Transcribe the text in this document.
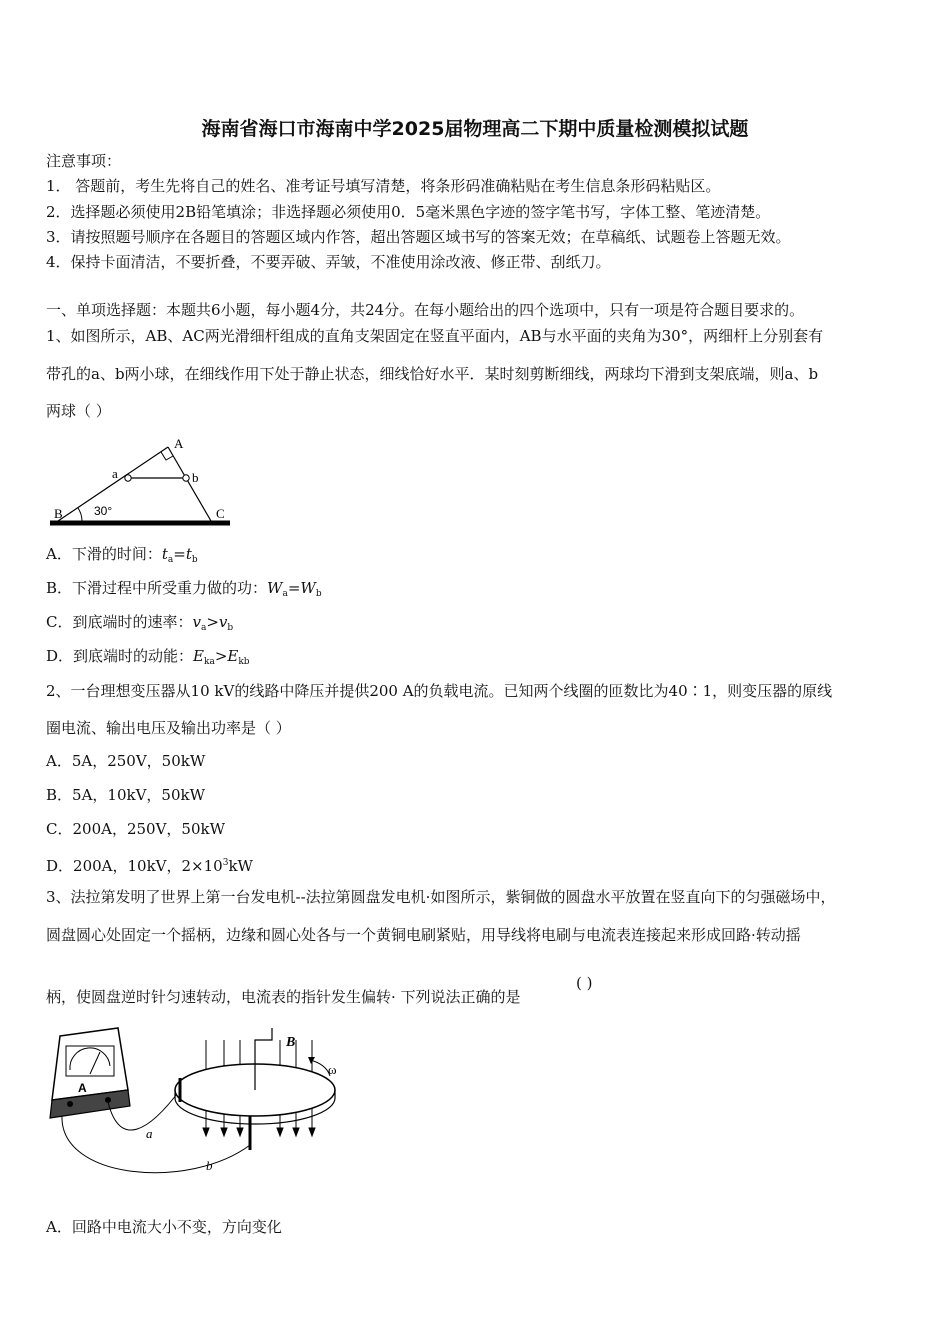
海南省海口市海南中学2025届物理高二下期中质量检测模拟试题
注意事项：
1． 答题前，考生先将自己的姓名、准考证号填写清楚，将条形码准确粘贴在考生信息条形码粘贴区。
2．选择题必须使用2B铅笔填涂；非选择题必须使用0．5毫米黑色字迹的签字笔书写，字体工整、笔迹清楚。
3．请按照题号顺序在各题目的答题区域内作答，超出答题区域书写的答案无效；在草稿纸、试题卷上答题无效。
4．保持卡面清洁，不要折叠，不要弄破、弄皱，不准使用涂改液、修正带、刮纸刀。
一、单项选择题：本题共6小题，每小题4分，共24分。在每小题给出的四个选项中，只有一项是符合题目要求的。
1、如图所示，AB、AC两光滑细杆组成的直角支架固定在竖直平面内，AB与水平面的夹角为30°，两细杆上分别套有
带孔的a、b两小球，在细线作用下处于静止状态，细线恰好水平．某时刻剪断细线，两球均下滑到支架底端，则a、b
两球（ ）
A
a	b
B	C
30°
A．下滑的时间：$t_a=t_b$
B．下滑过程中所受重力做的功：$W_a=W_b$
C．到底端时的速率：$v_a>v_b$
D．到底端时的动能：$E_{ka}>E_{kb}$
2、一台理想变压器从10 kV的线路中降压并提供200 A的负载电流。已知两个线圈的匝数比为40∶1，则变压器的原线
圈电流、输出电压及输出功率是（ ）
A．5A，250V，50kW
B．5A，10kV，50kW
C．200A，250V，50kW
D．200A，10kV，$2\times 10^3kW$
3、法拉第发明了世界上第一台发电机--法拉第圆盘发电机·如图所示，紫铜做的圆盘水平放置在竖直向下的匀强磁场中，
圆盘圆心处固定一个摇柄，边缘和圆心处各与一个黄铜电刷紧贴，用导线将电刷与电流表连接起来形成回路·转动摇
柄，使圆盘逆时针匀速转动，电流表的指针发生偏转· 下列说法正确的是
( )
A
a
b
B
ω
A．回路中电流大小不变，方向变化
